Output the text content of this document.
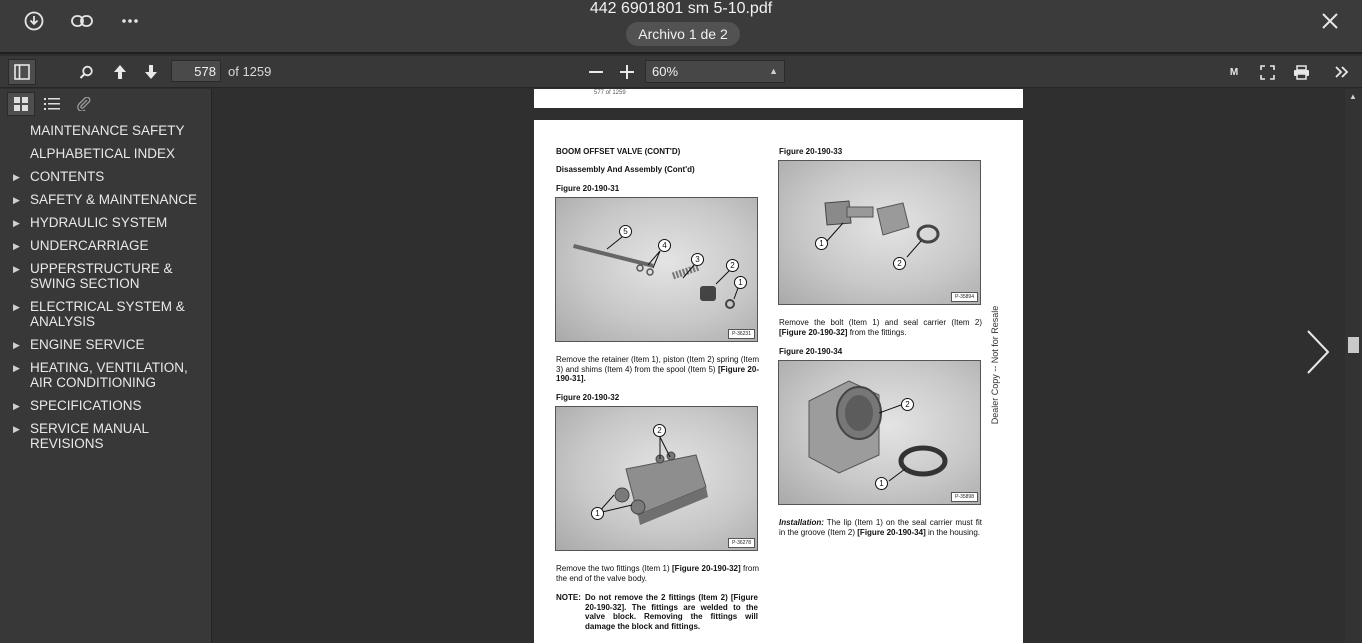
442 6901801 sm 5-10.pdf
Archivo 1 de 2
578
of 1259	60%	▲	M
MAINTENANCE SAFETY
ALPHABETICAL INDEX
▶ CONTENTS
▶ SAFETY & MAINTENANCE
▶ HYDRAULIC SYSTEM
▶ UNDERCARRIAGE
▶ UPPERSTRUCTURE & SWING SECTION
▶ ELECTRICAL SYSTEM & ANALYSIS
▶ ENGINE SERVICE
▶ HEATING, VENTILATION, AIR CONDITIONING
▶ SPECIFICATIONS
▶ SERVICE MANUAL REVISIONS
577 of 1259
BOOM OFFSET VALVE (CONT'D)
Disassembly And Assembly (Cont'd)
Figure 20-190-31
5
4
3
2
1
P-36231
Remove the retainer (Item 1), piston (Item 2) spring (Item 3) and shims (Item 4) from the spool (Item 5) [Figure 20-190-31].
Figure 20-190-32
2
1
P-36278
Remove the two fittings (Item 1) [Figure 20-190-32] from the end of the valve body.
NOTE: Do not remove the 2 fittings (Item 2) [Figure 20-190-32]. The fittings are welded to the valve block. Removing the fittings will damage the block and fittings.
Figure 20-190-33
1
2
P-35894
Remove the bolt (Item 1) and seal carrier (Item 2) [Figure 20-190-32] from the fittings.
Figure 20-190-34
2
1
P-35898
Installation: The lip (Item 1) on the seal carrier must fit in the groove (Item 2) [Figure 20-190-34] in the housing.
Dealer Copy -- Not for Resale
▲
